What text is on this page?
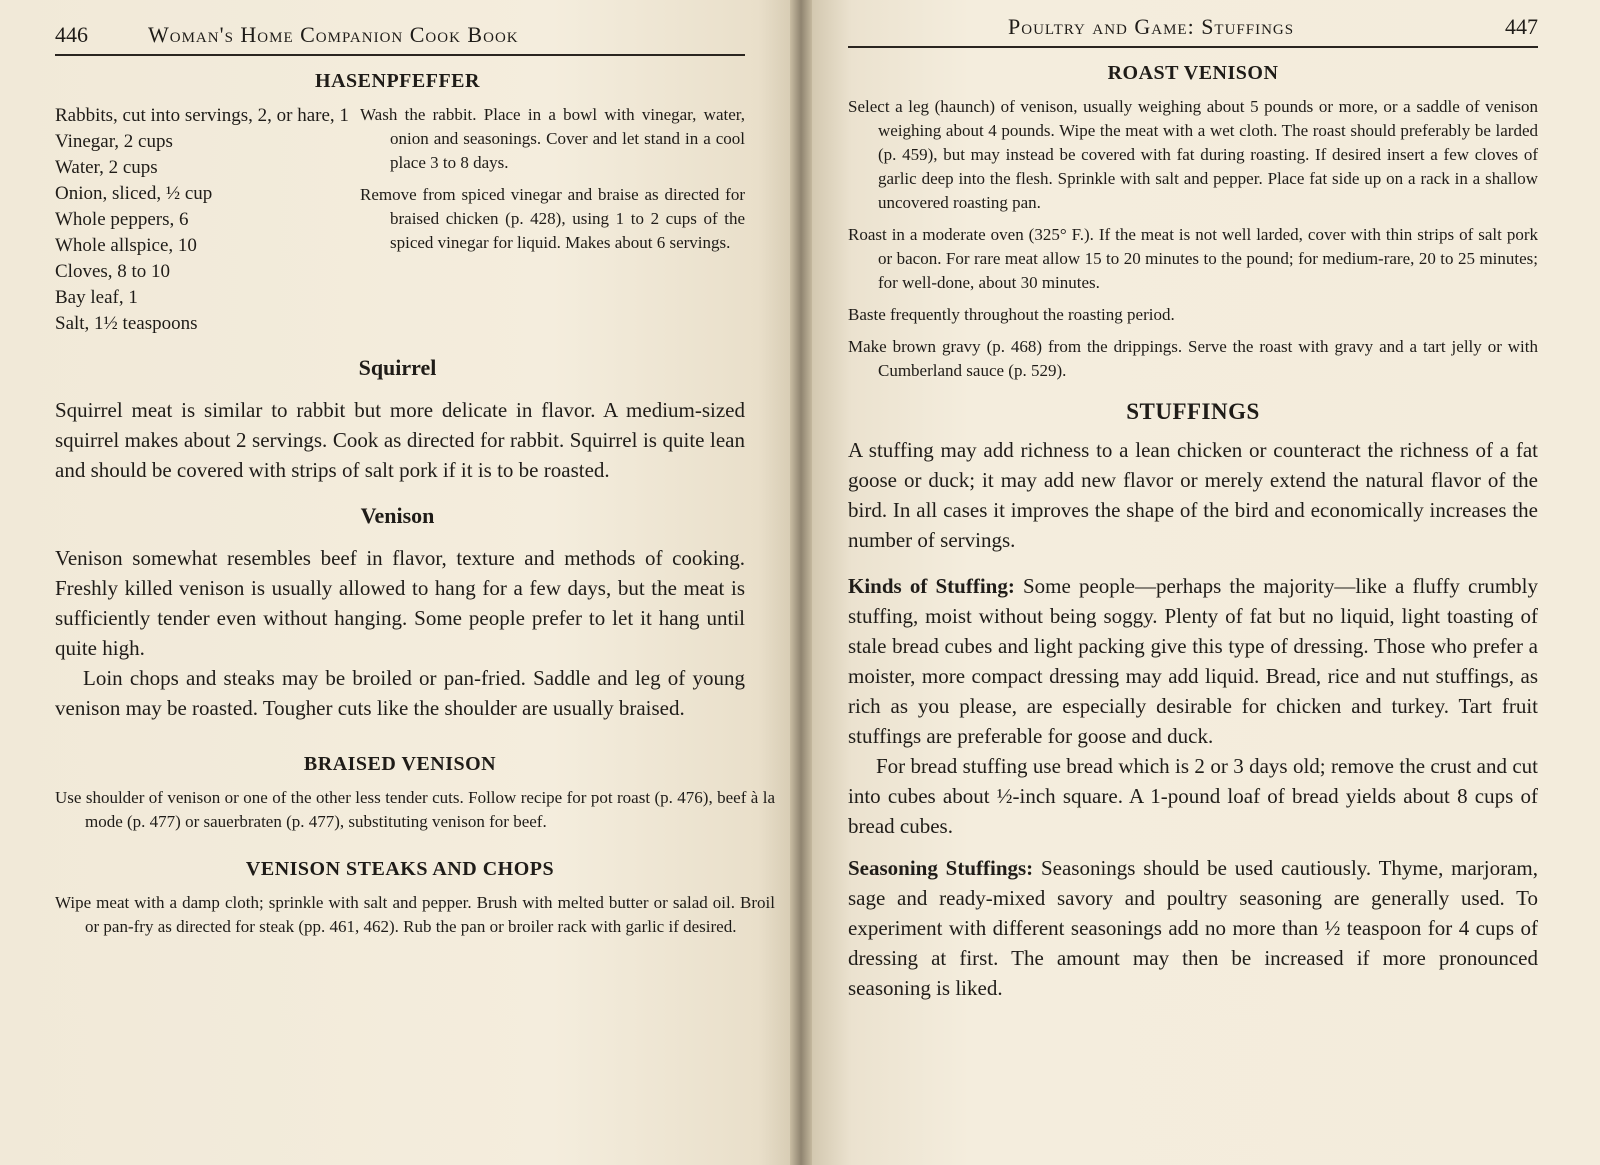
446	Woman's Home Companion Cook Book
HASENPFEFFER
Rabbits, cut into servings, 2, or hare, 1
Vinegar, 2 cups
Water, 2 cups
Onion, sliced, ½ cup
Whole peppers, 6
Whole allspice, 10
Cloves, 8 to 10
Bay leaf, 1
Salt, 1½ teaspoons

Wash the rabbit. Place in a bowl with vinegar, water, onion and seasonings. Cover and let stand in a cool place 3 to 8 days.

Remove from spiced vinegar and braise as directed for braised chicken (p. 428), using 1 to 2 cups of the spiced vinegar for liquid. Makes about 6 servings.

Squirrel

Squirrel meat is similar to rabbit but more delicate in flavor. A medium-sized squirrel makes about 2 servings. Cook as directed for rabbit. Squirrel is quite lean and should be covered with strips of salt pork if it is to be roasted.

Venison

Venison somewhat resembles beef in flavor, texture and methods of cooking. Freshly killed venison is usually allowed to hang for a few days, but the meat is sufficiently tender even without hanging. Some people prefer to let it hang until quite high.

Loin chops and steaks may be broiled or pan-fried. Saddle and leg of young venison may be roasted. Tougher cuts like the shoulder are usually braised.

BRAISED VENISON

Use shoulder of venison or one of the other less tender cuts. Follow recipe for pot roast (p. 476), beef à la mode (p. 477) or sauerbraten (p. 477), substituting venison for beef.

VENISON STEAKS AND CHOPS

Wipe meat with a damp cloth; sprinkle with salt and pepper. Brush with melted butter or salad oil. Broil or pan-fry as directed for steak (pp. 461, 462). Rub the pan or broiler rack with garlic if desired.

Poultry and Game: Stuffings	447
ROAST VENISON

Select a leg (haunch) of venison, usually weighing about 5 pounds or more, or a saddle of venison weighing about 4 pounds. Wipe the meat with a wet cloth. The roast should preferably be larded (p. 459), but may instead be covered with fat during roasting. If desired insert a few cloves of garlic deep into the flesh. Sprinkle with salt and pepper. Place fat side up on a rack in a shallow uncovered roasting pan.

Roast in a moderate oven (325° F.). If the meat is not well larded, cover with thin strips of salt pork or bacon. For rare meat allow 15 to 20 minutes to the pound; for medium-rare, 20 to 25 minutes; for well-done, about 30 minutes.

Baste frequently throughout the roasting period.

Make brown gravy (p. 468) from the drippings. Serve the roast with gravy and a tart jelly or with Cumberland sauce (p. 529).

STUFFINGS

A stuffing may add richness to a lean chicken or counteract the richness of a fat goose or duck; it may add new flavor or merely extend the natural flavor of the bird. In all cases it improves the shape of the bird and economically increases the number of servings.

Kinds of Stuffing: Some people—perhaps the majority—like a fluffy crumbly stuffing, moist without being soggy. Plenty of fat but no liquid, light toasting of stale bread cubes and light packing give this type of dressing. Those who prefer a moister, more compact dressing may add liquid. Bread, rice and nut stuffings, as rich as you please, are especially desirable for chicken and turkey. Tart fruit stuffings are preferable for goose and duck.

For bread stuffing use bread which is 2 or 3 days old; remove the crust and cut into cubes about ½-inch square. A 1-pound loaf of bread yields about 8 cups of bread cubes.

Seasoning Stuffings: Seasonings should be used cautiously. Thyme, marjoram, sage and ready-mixed savory and poultry seasoning are generally used. To experiment with different seasonings add no more than ½ teaspoon for 4 cups of dressing at first. The amount may then be increased if more pronounced seasoning is liked.
